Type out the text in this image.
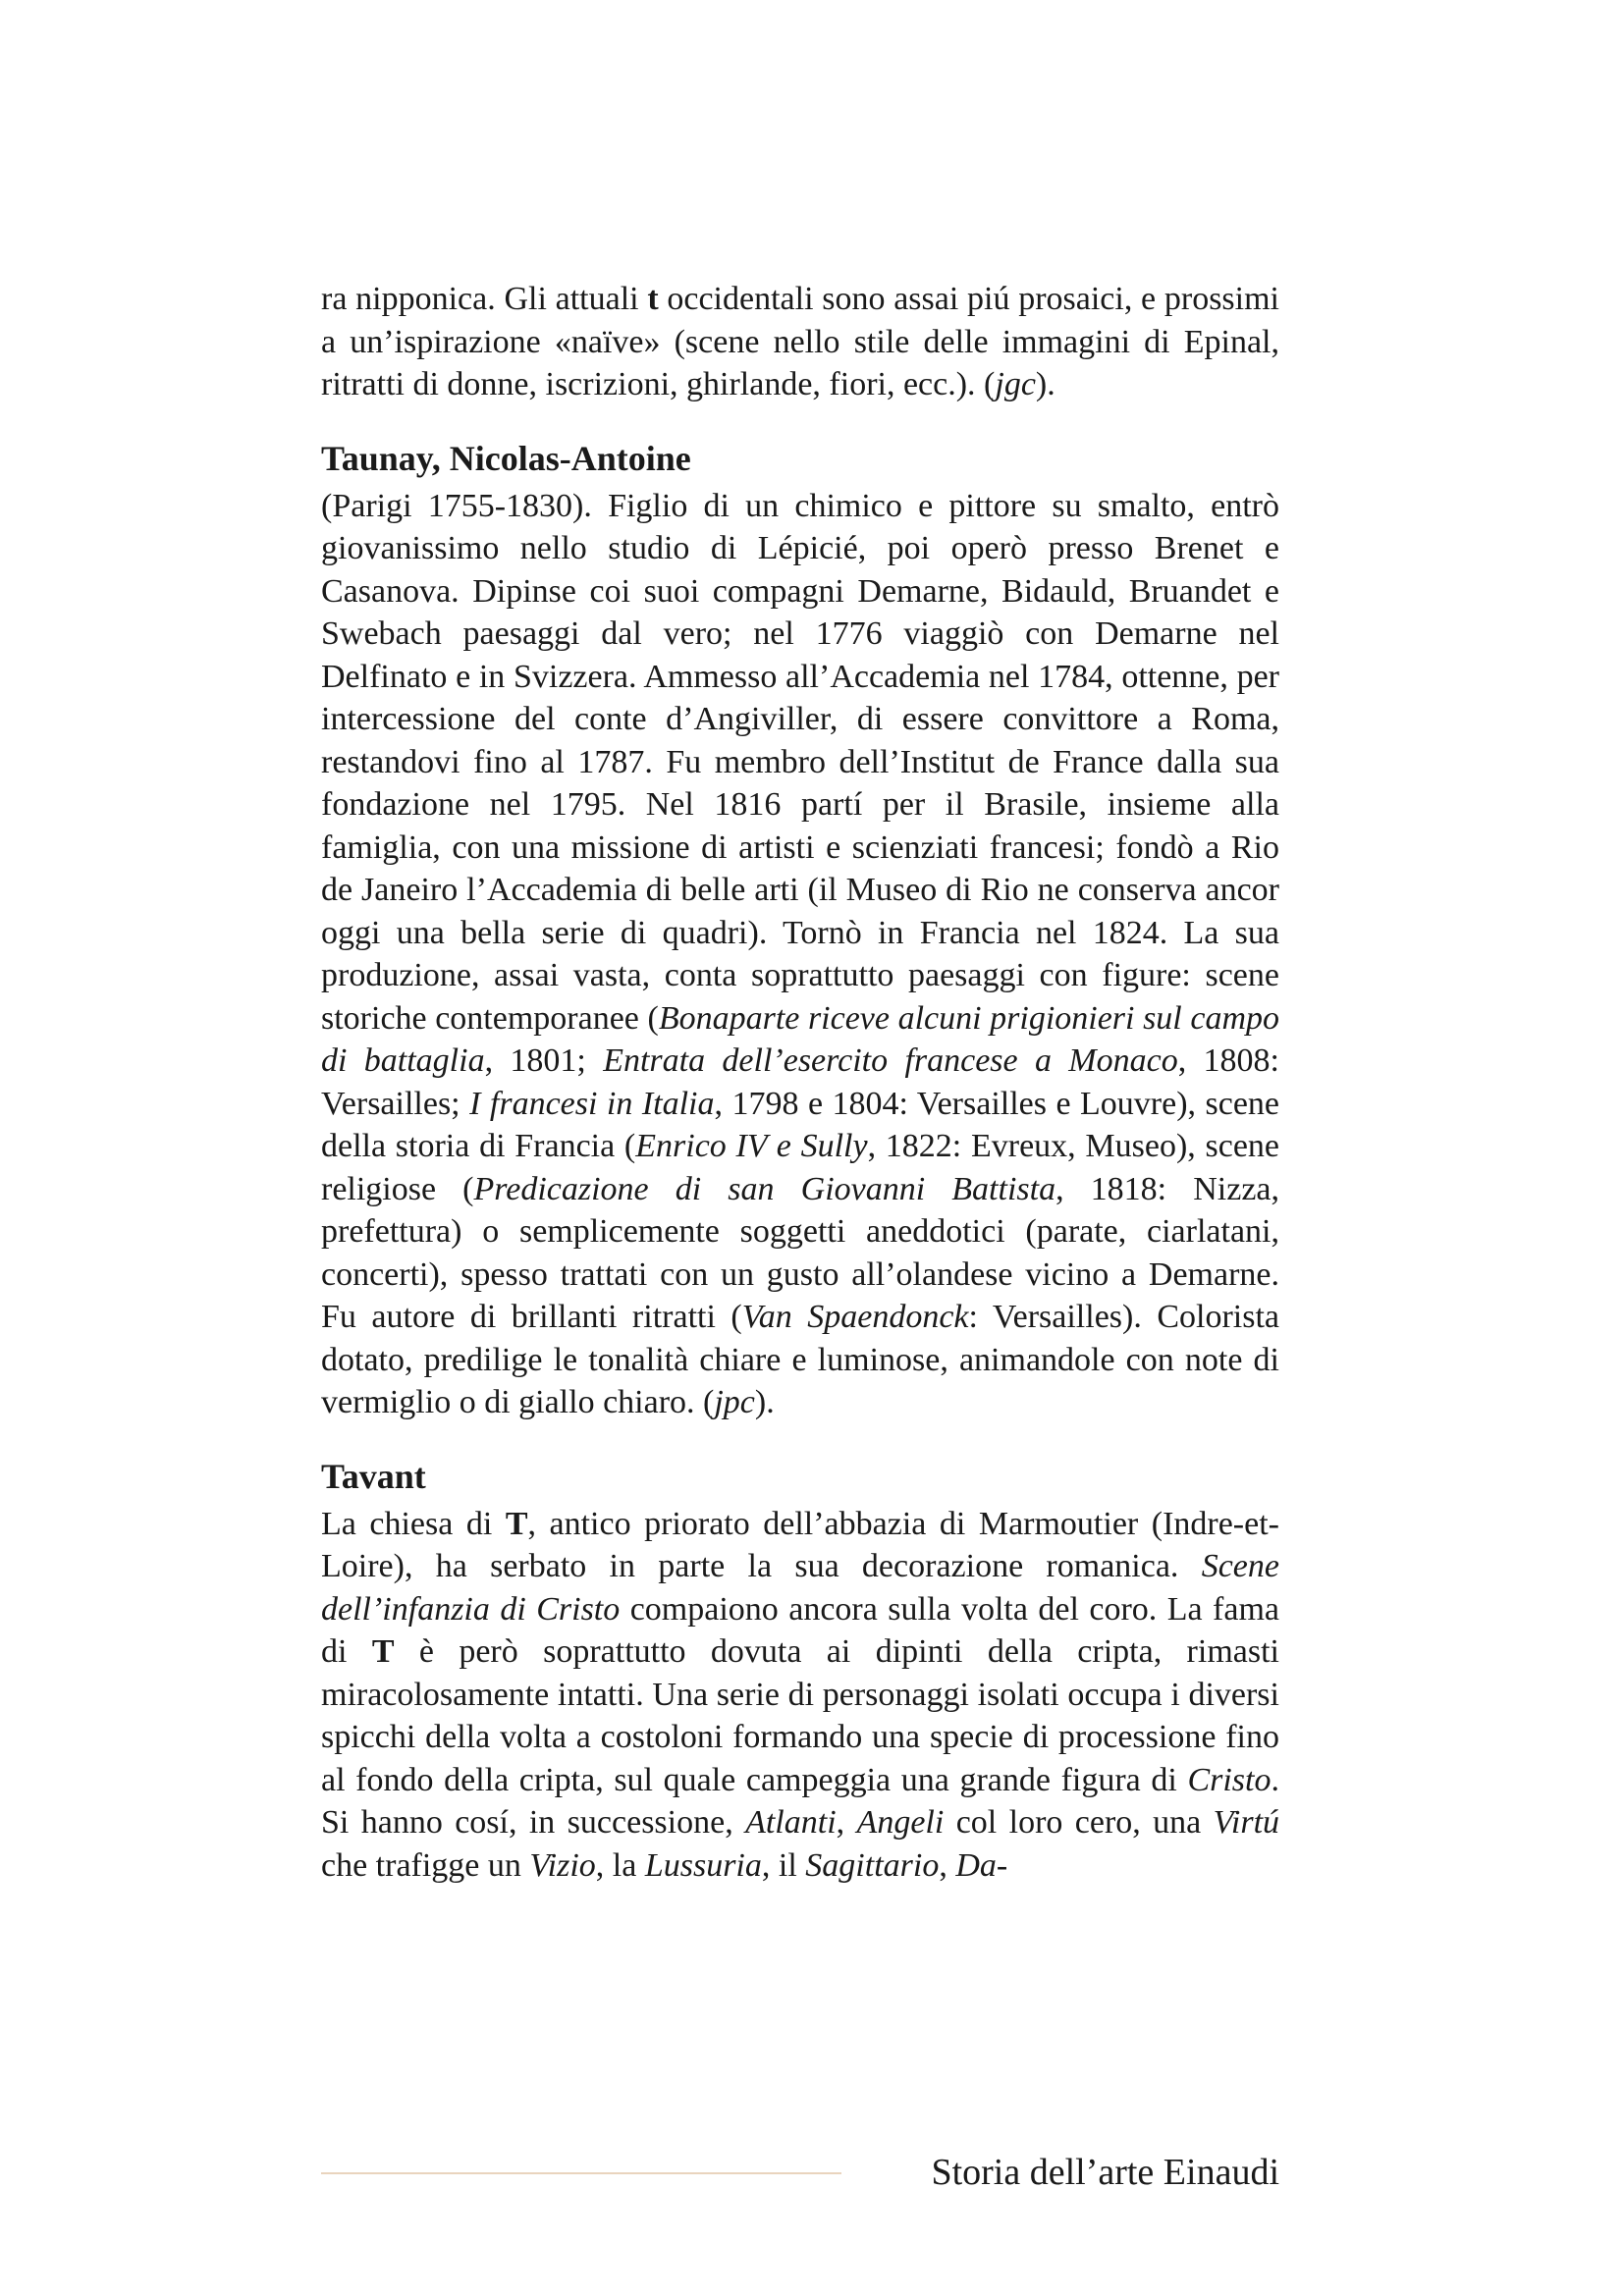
ra nipponica. Gli attuali t occidentali sono assai piú prosaici, e prossimi a un’ispirazione «naïve» (scene nello stile delle immagini di Epinal, ritratti di donne, iscrizioni, ghirlande, fiori, ecc.). (jgc).

Taunay, Nicolas-Antoine

(Parigi 1755-1830). Figlio di un chimico e pittore su smalto, entrò giovanissimo nello studio di Lépicié, poi operò presso Brenet e Casanova. Dipinse coi suoi compagni Demarne, Bidauld, Bruandet e Swebach paesaggi dal vero; nel 1776 viaggiò con Demarne nel Delfinato e in Svizzera. Ammesso all’Accademia nel 1784, ottenne, per intercessione del conte d’Angiviller, di essere convittore a Roma, restandovi fino al 1787. Fu membro dell’Institut de France dalla sua fondazione nel 1795. Nel 1816 partí per il Brasile, insieme alla famiglia, con una missione di artisti e scienziati francesi; fondò a Rio de Janeiro l’Accademia di belle arti (il Museo di Rio ne conserva ancor oggi una bella serie di quadri). Tornò in Francia nel 1824. La sua produzione, assai vasta, conta soprattutto paesaggi con figure: scene storiche contemporanee (Bonaparte riceve alcuni prigionieri sul campo di battaglia, 1801; Entrata dell’esercito francese a Monaco, 1808: Versailles; I francesi in Italia, 1798 e 1804: Versailles e Louvre), scene della storia di Francia (Enrico IV e Sully, 1822: Evreux, Museo), scene religiose (Predicazione di san Giovanni Battista, 1818: Nizza, prefettura) o semplicemente soggetti aneddotici (parate, ciarlatani, concerti), spesso trattati con un gusto all’olandese vicino a Demarne. Fu autore di brillanti ritratti (Van Spaendonck: Versailles). Colorista dotato, predilige le tonalità chiare e luminose, animandole con note di vermiglio o di giallo chiaro. (jpc).

Tavant

La chiesa di T, antico priorato dell’abbazia di Marmoutier (Indre-et-Loire), ha serbato in parte la sua decorazione romanica. Scene dell’infanzia di Cristo compaiono ancora sulla volta del coro. La fama di T è però soprattutto dovuta ai dipinti della cripta, rimasti miracolosamente intatti. Una serie di personaggi isolati occupa i diversi spicchi della volta a costoloni formando una specie di processione fino al fondo della cripta, sul quale campeggia una grande figura di Cristo. Si hanno cosí, in successione, Atlanti, Angeli col loro cero, una Virtú che trafigge un Vizio, la Lussuria, il Sagittario, Da-

Storia dell’arte Einaudi
